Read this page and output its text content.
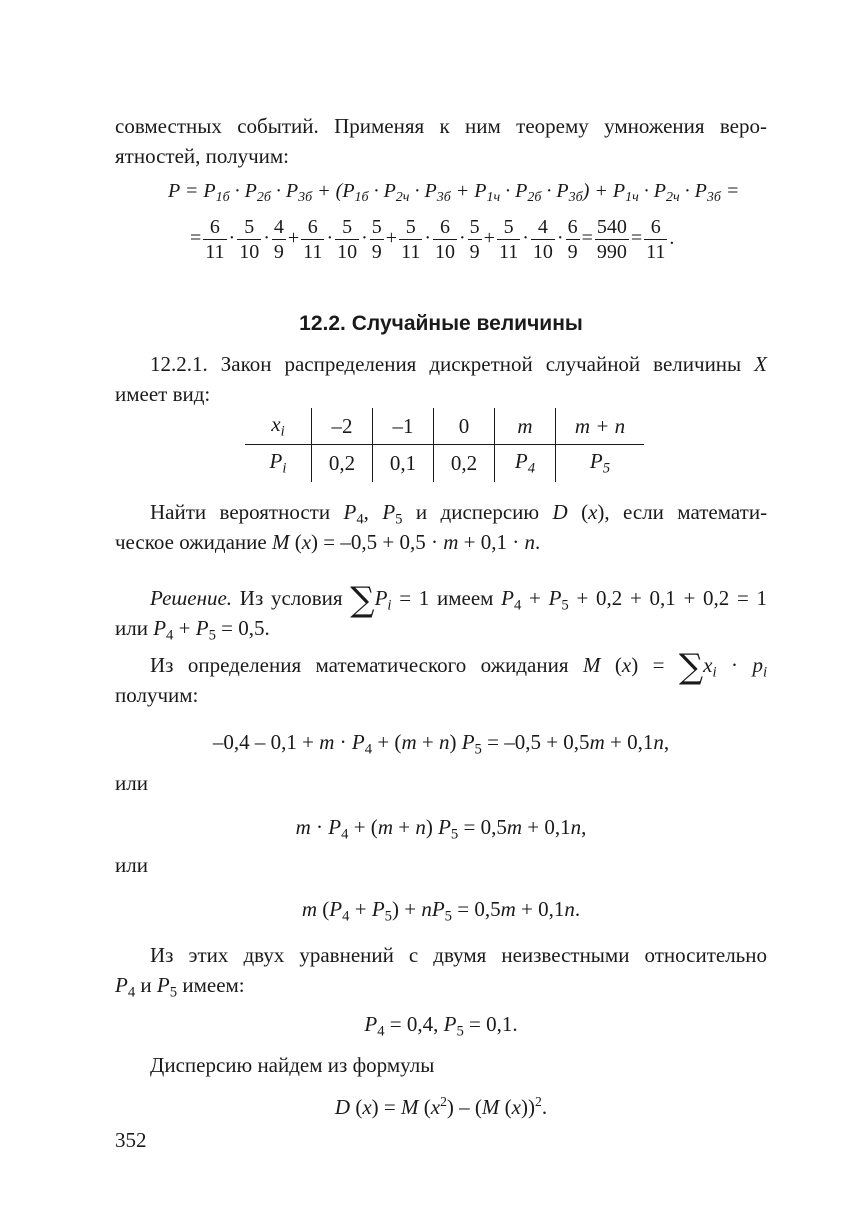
совместных событий. Применяя к ним теорему умножения веро-

ятностей, получим:

$P = P_{1б} \cdot P_{2б} \cdot P_{3б} + (P_{1б} \cdot P_{2ч} \cdot P_{3б} + P_{1ч} \cdot P_{2б} \cdot P_{3б}) + P_{1ч} \cdot P_{2ч} \cdot P_{3б}$ =
= $\frac{6}{11} \cdot \frac{5}{10} \cdot \frac{4}{9} + \frac{6}{11} \cdot \frac{5}{10} \cdot \frac{5}{9} + \frac{5}{11} \cdot \frac{6}{10} \cdot \frac{5}{9} + \frac{5}{11} \cdot \frac{4}{10} \cdot \frac{6}{9} = \frac{540}{990} = \frac{6}{11}$ .

12.2. Случайные величины

12.2.1. Закон распределения дискретной случайной величины X

имеет вид:

$x_i$	–2	–1	0	m	m + n
$P_i$	0,2	0,1	0,2	$P_4$	$P_5$

Найти вероятности $P_4$, $P_5$ и дисперсию D (x), если математи-

ческое ожидание M (x) = –0,5 + 0,5 · m + 0,1 · n.

Решение. Из условия $\sum P_i = 1$ имеем $P_4 + P_5 + 0,2 + 0,1 + 0,2 = 1$

или $P_4 + P_5 = 0,5$.

Из определения математического ожидания M $(x) = \sum x_i \cdot p_i$

получим:

$-0,4 - 0,1 + m \cdot P_4 + (m + n) P_5 = -0,5 + 0,5m + 0,1n$,

или

$m \cdot P_4 + (m + n) P_5 = 0,5m + 0,1n$,

или

m $(P_4 + P_5) + nP_5 = 0,5m + 0,1n$.

Из этих двух уравнений с двумя неизвестными относительно

$P_4$ и $P_5$ имеем:

$P_4 = 0,4$, $P_5 = 0,1$.

Дисперсию найдем из формулы

D (x) = M $(x^2) - (M$ (x))$^2$.

352
